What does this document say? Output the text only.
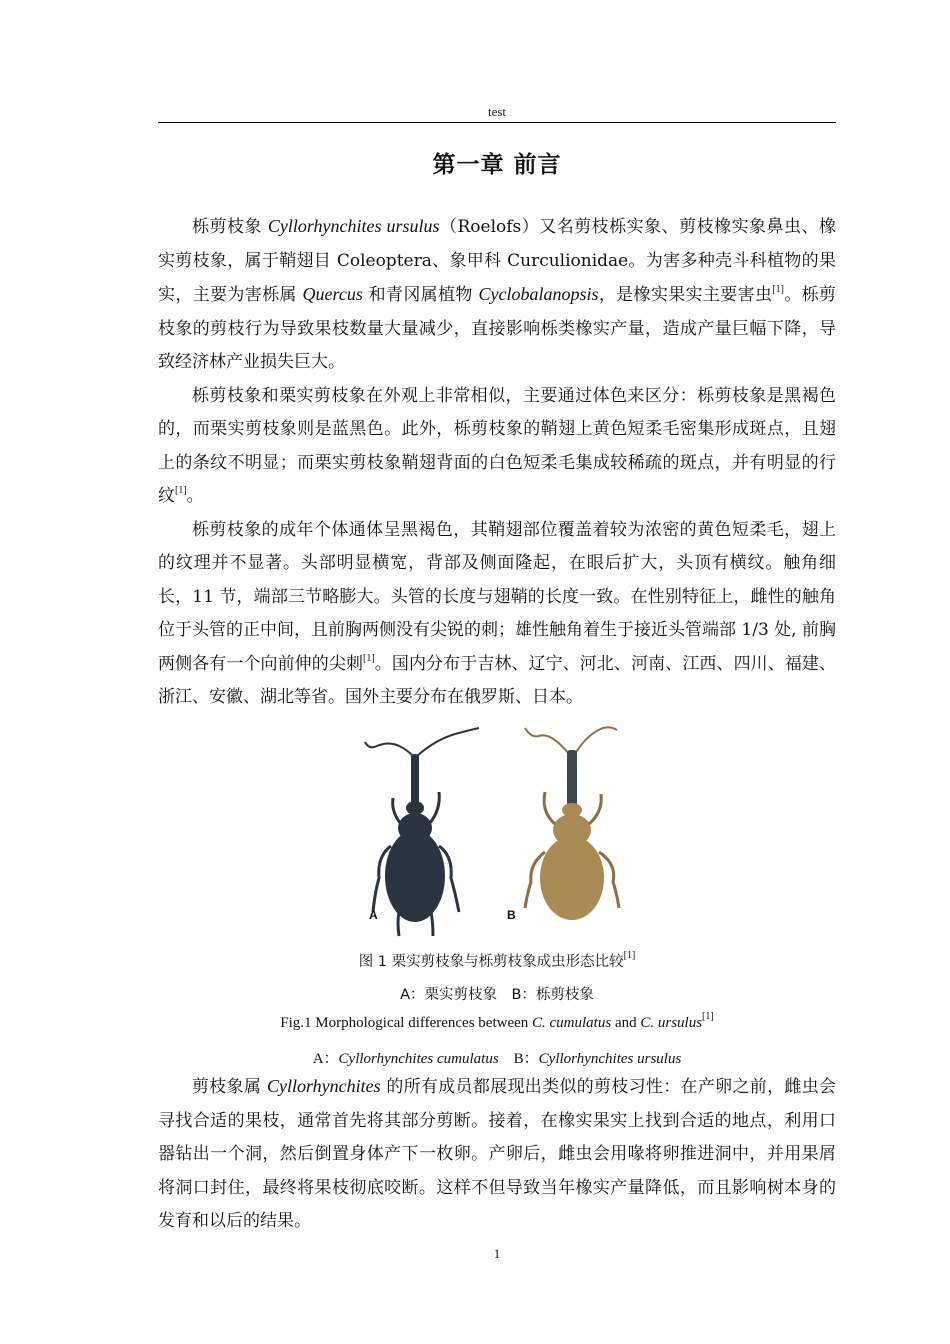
test
第一章 前言

栎剪枝象 Cyllorhynchites ursulus（Roelofs）又名剪枝栎实象、剪枝橡实象鼻虫、橡实剪枝象，属于鞘翅目 Coleoptera、象甲科 Curculionidae。为害多种壳斗科植物的果实，主要为害栎属 Quercus 和青冈属植物 Cyclobalanopsis，是橡实果实主要害虫[1]。栎剪枝象的剪枝行为导致果枝数量大量减少，直接影响栎类橡实产量，造成产量巨幅下降，导致经济林产业损失巨大。

栎剪枝象和栗实剪枝象在外观上非常相似，主要通过体色来区分：栎剪枝象是黑褐色的，而栗实剪枝象则是蓝黑色。此外，栎剪枝象的鞘翅上黄色短柔毛密集形成斑点，且翅上的条纹不明显；而栗实剪枝象鞘翅背面的白色短柔毛集成较稀疏的斑点，并有明显的行纹[1]。

栎剪枝象的成年个体通体呈黑褐色，其鞘翅部位覆盖着较为浓密的黄色短柔毛，翅上的纹理并不显著。头部明显横宽，背部及侧面隆起，在眼后扩大，头顶有横纹。触角细长，11 节，端部三节略膨大。头管的长度与翅鞘的长度一致。在性别特征上，雌性的触角位于头管的正中间，且前胸两侧没有尖锐的刺；雄性触角着生于接近头管端部 1/3 处, 前胸两侧各有一个向前伸的尖刺[1]。国内分布于吉林、辽宁、河北、河南、江西、四川、福建、浙江、安徽、湖北等省。国外主要分布在俄罗斯、日本。

A	B
图 1 栗实剪枝象与栎剪枝象成虫形态比较[1]
A：栗实剪枝象　B：栎剪枝象
Fig.1 Morphological differences between C. cumulatus and C. ursulus[1]
A：Cyllorhynchites cumulatus　B：Cyllorhynchites ursulus

剪枝象属 Cyllorhynchites 的所有成员都展现出类似的剪枝习性：在产卵之前，雌虫会寻找合适的果枝，通常首先将其部分剪断。接着，在橡实果实上找到合适的地点，利用口器钻出一个洞，然后倒置身体产下一枚卵。产卵后，雌虫会用喙将卵推进洞中，并用果屑将洞口封住，最终将果枝彻底咬断。这样不但导致当年橡实产量降低，而且影响树本身的发育和以后的结果。

1
